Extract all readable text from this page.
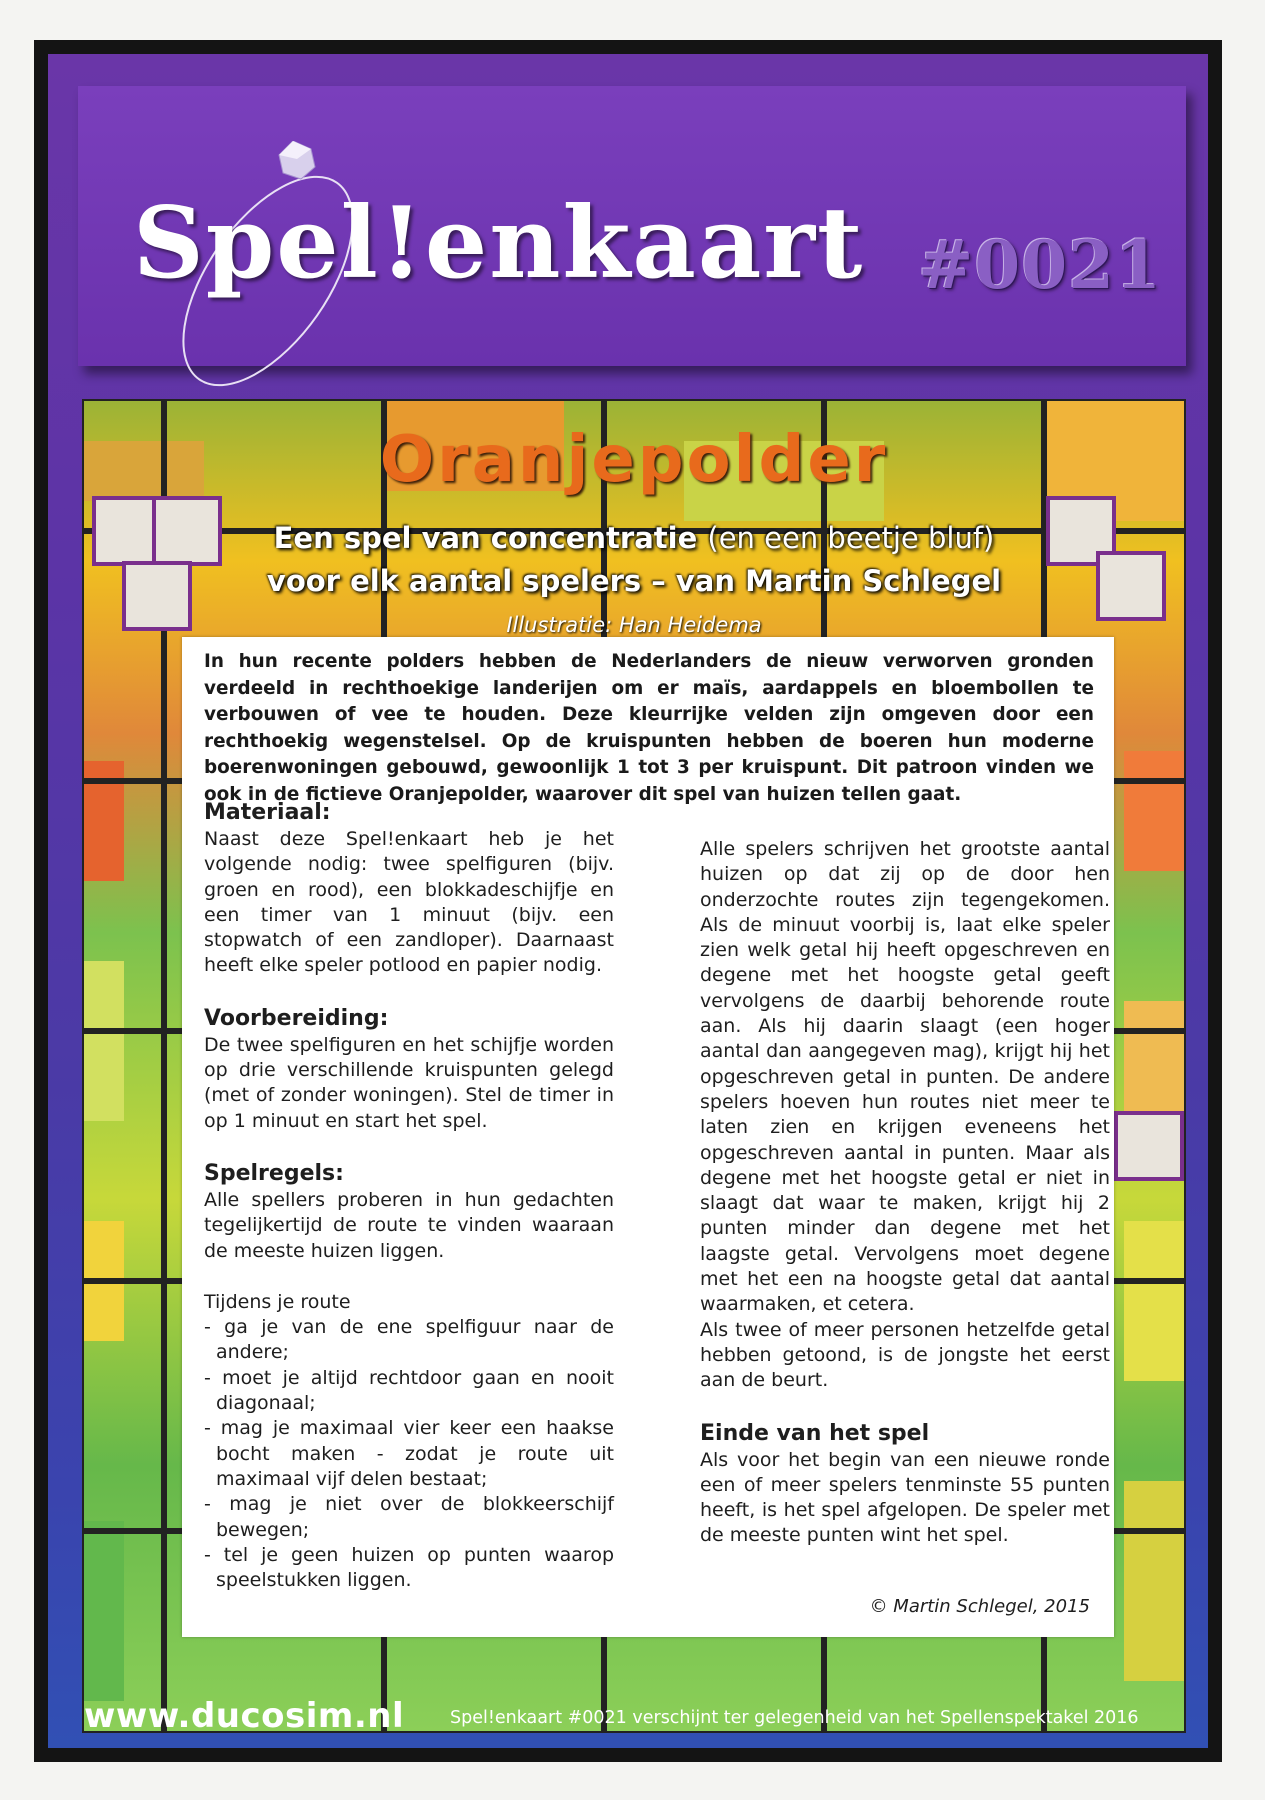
Spel!enkaart #0021
Oranjepolder
Een spel van concentratie (en een beetje bluf)
voor elk aantal spelers – van Martin Schlegel
Illustratie: Han Heidema
In hun recente polders hebben de Nederlanders de nieuw verworven gronden verdeeld in rechthoekige landerijen om er maïs, aardappels en bloembollen te verbouwen of vee te houden. Deze kleurrijke velden zijn omgeven door een rechthoekig wegenstelsel. Op de kruispunten hebben de boeren hun moderne boerenwoningen gebouwd, gewoonlijk 1 tot 3 per kruispunt. Dit patroon vinden we ook in de fictieve Oranjepolder, waarover dit spel van huizen tellen gaat.
Materiaal:

Naast deze Spel!enkaart heb je het volgende nodig: twee spelfiguren (bijv. groen en rood), een blokkadeschijfje en een timer van 1 minuut (bijv. een stopwatch of een zandloper). Daarnaast heeft elke speler potlood en papier nodig.

Voorbereiding:

De twee spelfiguren en het schijfje worden op drie verschillende kruispunten gelegd (met of zonder woningen). Stel de timer in op 1 minuut en start het spel.

Spelregels:

Alle spellers proberen in hun gedachten tegelijkertijd de route te vinden waaraan de meeste huizen liggen.

Tijdens je route

- ga je van de ene spelfiguur naar de andere;
- moet je altijd rechtdoor gaan en nooit diagonaal;
- mag je maximaal vier keer een haakse bocht maken - zodat je route uit maximaal vijf delen bestaat;
- mag je niet over de blokkeerschijf bewegen;
- tel je geen huizen op punten waarop speelstukken liggen.

Alle spelers schrijven het grootste aantal huizen op dat zij op de door hen onderzochte routes zijn tegengekomen. Als de minuut voorbij is, laat elke speler zien welk getal hij heeft opgeschreven en degene met het hoogste getal geeft vervolgens de daarbij behorende route aan. Als hij daarin slaagt (een hoger aantal dan aangegeven mag), krijgt hij het opgeschreven getal in punten. De andere spelers hoeven hun routes niet meer te laten zien en krijgen eveneens het opgeschreven aantal in punten. Maar als degene met het hoogste getal er niet in slaagt dat waar te maken, krijgt hij 2 punten minder dan degene met het laagste getal. Vervolgens moet degene met het een na hoogste getal dat aantal waarmaken, et cetera.

Als twee of meer personen hetzelfde getal hebben getoond, is de jongste het eerst aan de beurt.

Einde van het spel

Als voor het begin van een nieuwe ronde een of meer spelers tenminste 55 punten heeft, is het spel afgelopen. De speler met de meeste punten wint het spel.

© Martin Schlegel, 2015
www.ducosim.nl	Spel!enkaart #0021 verschijnt ter gelegenheid van het Spellenspektakel 2016
